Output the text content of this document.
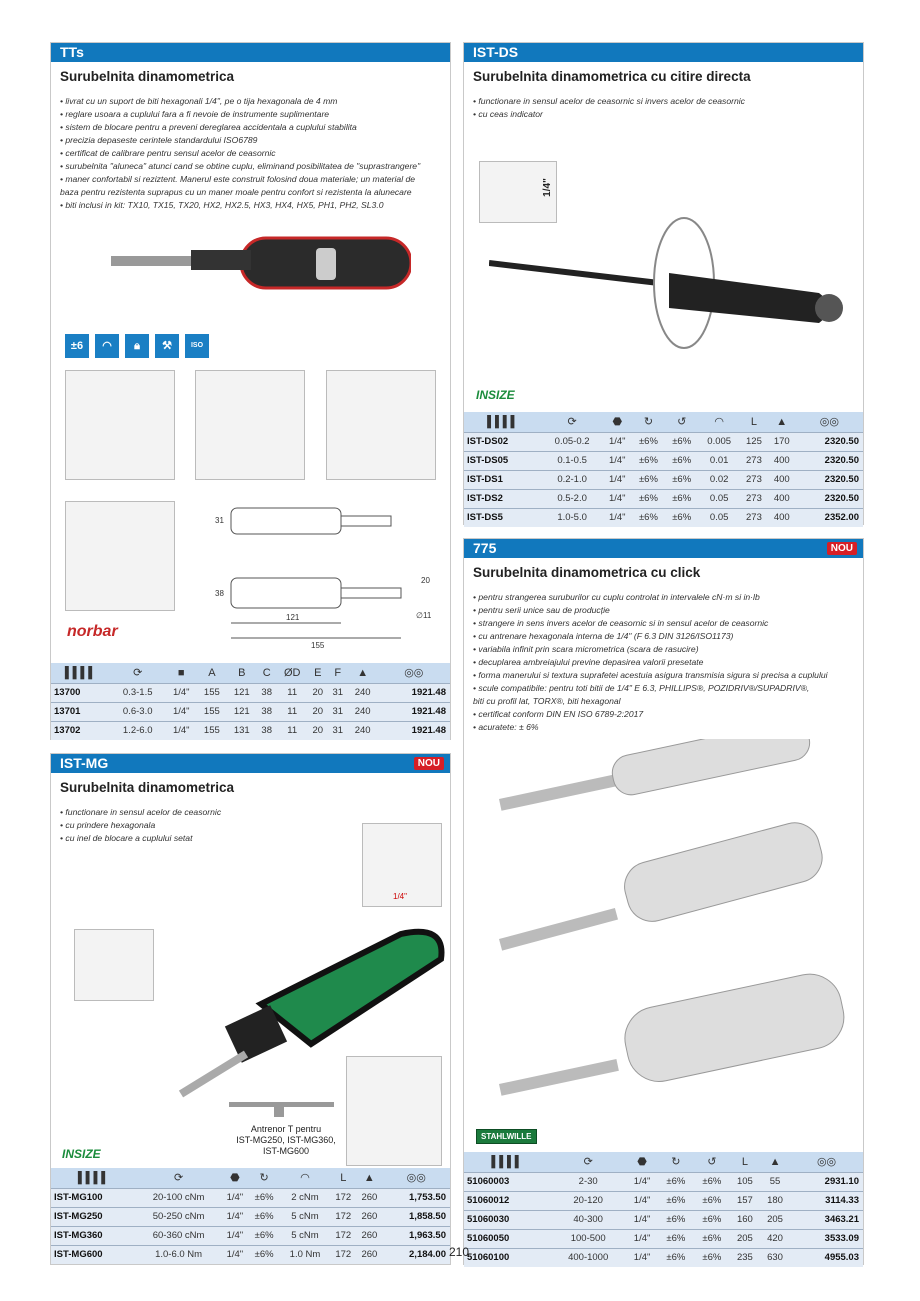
TTs
Surubelnita dinamometrica
• livrat cu un suport de biti hexagonali 1/4", pe o tija hexagonala de 4 mm
• reglare usoara a cuplului fara a fi nevoie de instrumente suplimentare
• sistem de blocare pentru a preveni dereglarea accidentala a cuplului stabilita
• precizia depaseste cerintele standardului ISO6789
• certificat de calibrare pentru sensul acelor de ceasornic
• surubelnita "aluneca" atunci cand se obtine cuplu, eliminand posibilitatea de "suprastrangere"
• maner confortabil si reziztent. Manerul este construit folosind doua materiale; un material de
baza pentru rezistenta suprapus cu un maner moale pentru confort si rezistenta la alunecare
• biti inclusi in kit: TX10, TX15, TX20, HX2, HX2.5, HX3, HX4, HX5, PH1, PH2, SL3.0
±6	◠	🔒︎	⚒	ISO
121
155
38
20
∅11
31
norbar
▌▌▌▌	⟳	■	A	B	C	ØD	E	F	▲	◎◎
13700	0.3-1.5	1/4"	155	121	38	11	20	31	240	1921.48
13701	0.6-3.0	1/4"	155	121	38	11	20	31	240	1921.48
13702	1.2-6.0	1/4"	155	131	38	11	20	31	240	1921.48
IST-MG	NOU
Surubelnita dinamometrica
• functionare in sensul acelor de ceasornic
• cu prindere hexagonala
• cu inel de blocare a cuplului setat
1/4"
Antrenor T pentru
IST-MG250, IST-MG360,
IST-MG600
INSIZE
▌▌▌▌	⟳	⬣	↻	◜◝	L		▲	◎◎
IST-MG100	20-100 cNm	1/4"	±6%	2 cNm	172		260	1,753.50
IST-MG250	50-250 cNm	1/4"	±6%	5 cNm	172		260	1,858.50
IST-MG360	60-360 cNm	1/4"	±6%	5 cNm	172		260	1,963.50
IST-MG600	1.0-6.0 Nm	1/4"	±6%	1.0 Nm	172		260	2,184.00
IST-DS
Surubelnita dinamometrica cu citire directa
• functionare in sensul acelor de ceasornic si invers acelor de ceasornic
• cu ceas indicator
1/4"
INSIZE
▌▌▌▌	⟳	⬣	↻	↺	◜◝	L		▲	◎◎
IST-DS02	0.05-0.2	1/4"	±6%	±6%	0.005	125		170	2320.50
IST-DS05	0.1-0.5	1/4"	±6%	±6%	0.01	273		400	2320.50
IST-DS1	0.2-1.0	1/4"	±6%	±6%	0.02	273		400	2320.50
IST-DS2	0.5-2.0	1/4"	±6%	±6%	0.05	273		400	2320.50
IST-DS5	1.0-5.0	1/4"	±6%	±6%	0.05	273		400	2352.00
775	NOU
Surubelnita dinamometrica cu click
• pentru strangerea suruburilor cu cuplu controlat in intervalele cN·m si in·lb
• pentru serii unice sau de producție
• strangere in sens invers acelor de ceasornic si in sensul acelor de ceasornic
• cu antrenare hexagonala interna de 1/4" (F 6.3 DIN 3126/ISO1173)
• variabila infinit prin scara micrometrica (scara de rasucire)
• decuplarea ambreiajului previne depasirea valorii presetate
• forma manerului si textura suprafetei acestuia asigura transmisia sigura si precisa a cuplului
• scule compatibile: pentru toti bitii de 1/4" E 6.3, PHILLIPS®, POZIDRIV®/SUPADRIV®,
biti cu profil lat, TORX®, biti hexagonal
• certificat conform DIN EN ISO 6789-2:2017
• acuratete: ± 6%
STAHLWILLE
▌▌▌▌	⟳	⬣	↻	↺		L		▲	◎◎
51060003	2-30	1/4"	±6%	±6%		105		55	2931.10
51060012	20-120	1/4"	±6%	±6%		157		180	3114.33
51060030	40-300	1/4"	±6%	±6%		160		205	3463.21
51060050	100-500	1/4"	±6%	±6%		205		420	3533.09
51060100	400-1000	1/4"	±6%	±6%		235		630	4955.03
210
